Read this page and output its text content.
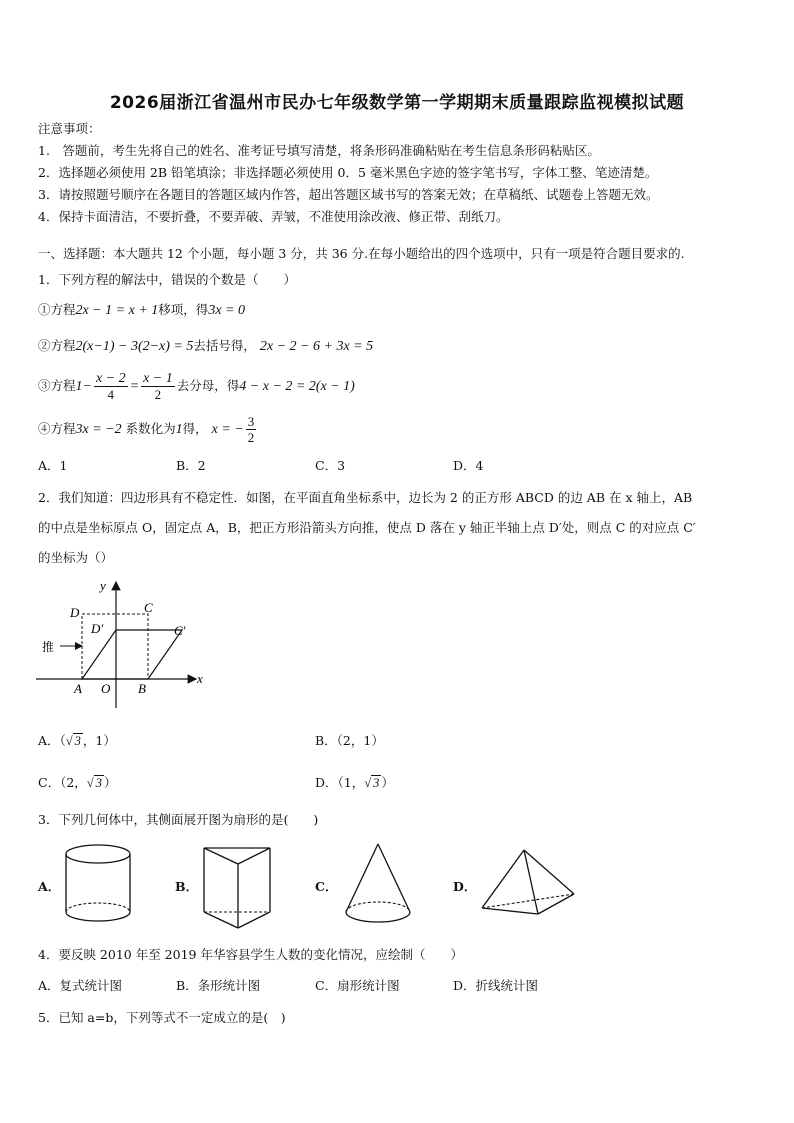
2026届浙江省温州市民办七年级数学第一学期期末质量跟踪监视模拟试题
注意事项：
1.　答题前，考生先将自己的姓名、准考证号填写清楚，将条形码准确粘贴在考生信息条形码粘贴区。
2．选择题必须使用 2B 铅笔填涂；非选择题必须使用 0．5 毫米黑色字迹的签字笔书写，字体工整、笔迹清楚。
3．请按照题号顺序在各题目的答题区域内作答，超出答题区域书写的答案无效；在草稿纸、试题卷上答题无效。
4．保持卡面清洁，不要折叠，不要弄破、弄皱，不准使用涂改液、修正带、刮纸刀。
一、选择题：本大题共 12 个小题，每小题 3 分，共 36 分.在每小题给出的四个选项中，只有一项是符合题目要求的.
1．下列方程的解法中，错误的个数是（　　）
①方程2x − 1 = x + 1移项，得3x = 0
②方程2(x−1) − 3(2−x) = 5去括号得， 2x − 2 − 6 + 3x = 5
③方程$1- \frac{x - 2}{4} = \frac{x - 1}{2}$ 去分母，得4 − x − 2 = 2(x − 1)
④方程3x = −2 系数化为1得， x = − $\frac{3}{2}$
A．1	B．2	C．3	D．4
2．我们知道：四边形具有不稳定性．如图，在平面直角坐标系中，边长为 2 的正方形 ABCD 的边 AB 在 x 轴上，AB
的中点是坐标原点 O，固定点 A，B，把正方形沿箭头方向推，使点 D 落在 y 轴正半轴上点 D′处，则点 C 的对应点 C′
的坐标为（）
y
x
D	C
D′	C′
推
A O B
A．（√ 3 ，1）	B．（2，1）
C．（2，√ 3 ）	D．（1，√ 3 ）
3．下列几何体中，其侧面展开图为扇形的是(　　)
A．	B．	C．	D．
4．要反映 2010 年至 2019 年华容县学生人数的变化情况，应绘制（　　）
A．复式统计图	B．条形统计图	C．扇形统计图	D．折线统计图
5．已知 a=b，下列等式不一定成立的是(　)
